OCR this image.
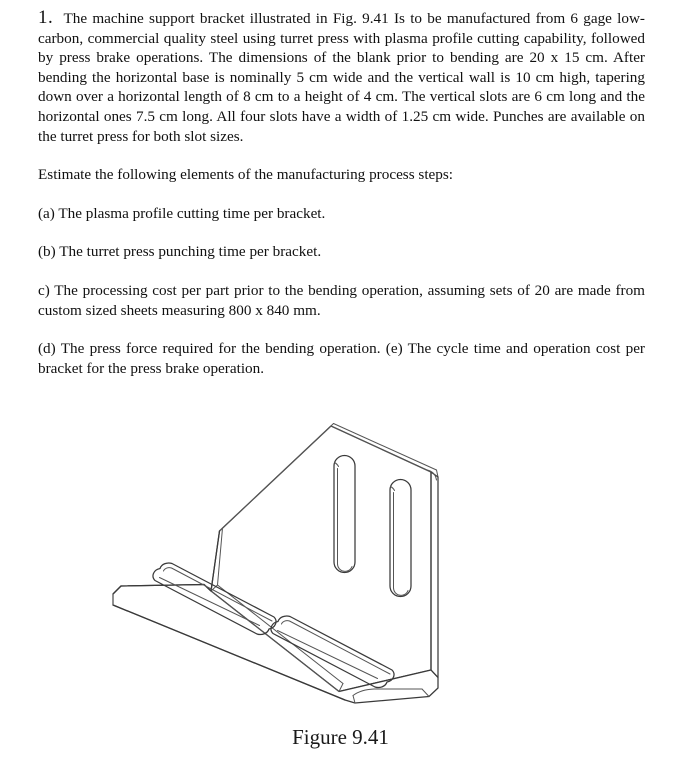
1. The machine support bracket illustrated in Fig. 9.41 Is to be manufactured from 6 gage low-carbon, commercial quality steel using turret press with plasma profile cutting capability, followed by press brake operations. The dimensions of the blank prior to bending are 20 x 15 cm. After bending the horizontal base is nominally 5 cm wide and the vertical wall is 10 cm high, tapering down over a horizontal length of 8 cm to a height of 4 cm. The vertical slots are 6 cm long and the horizontal ones 7.5 cm long. All four slots have a width of 1.25 cm wide. Punches are available on the turret press for both slot sizes.

Estimate the following elements of the manufacturing process steps:

(a) The plasma profile cutting time per bracket.

(b) The turret press punching time per bracket.

c) The processing cost per part prior to the bending operation, assuming sets of 20 are made from custom sized sheets measuring 800 x 840 mm.

(d) The press force required for the bending operation. (e) The cycle time and operation cost per bracket for the press brake operation.

Figure 9.41
